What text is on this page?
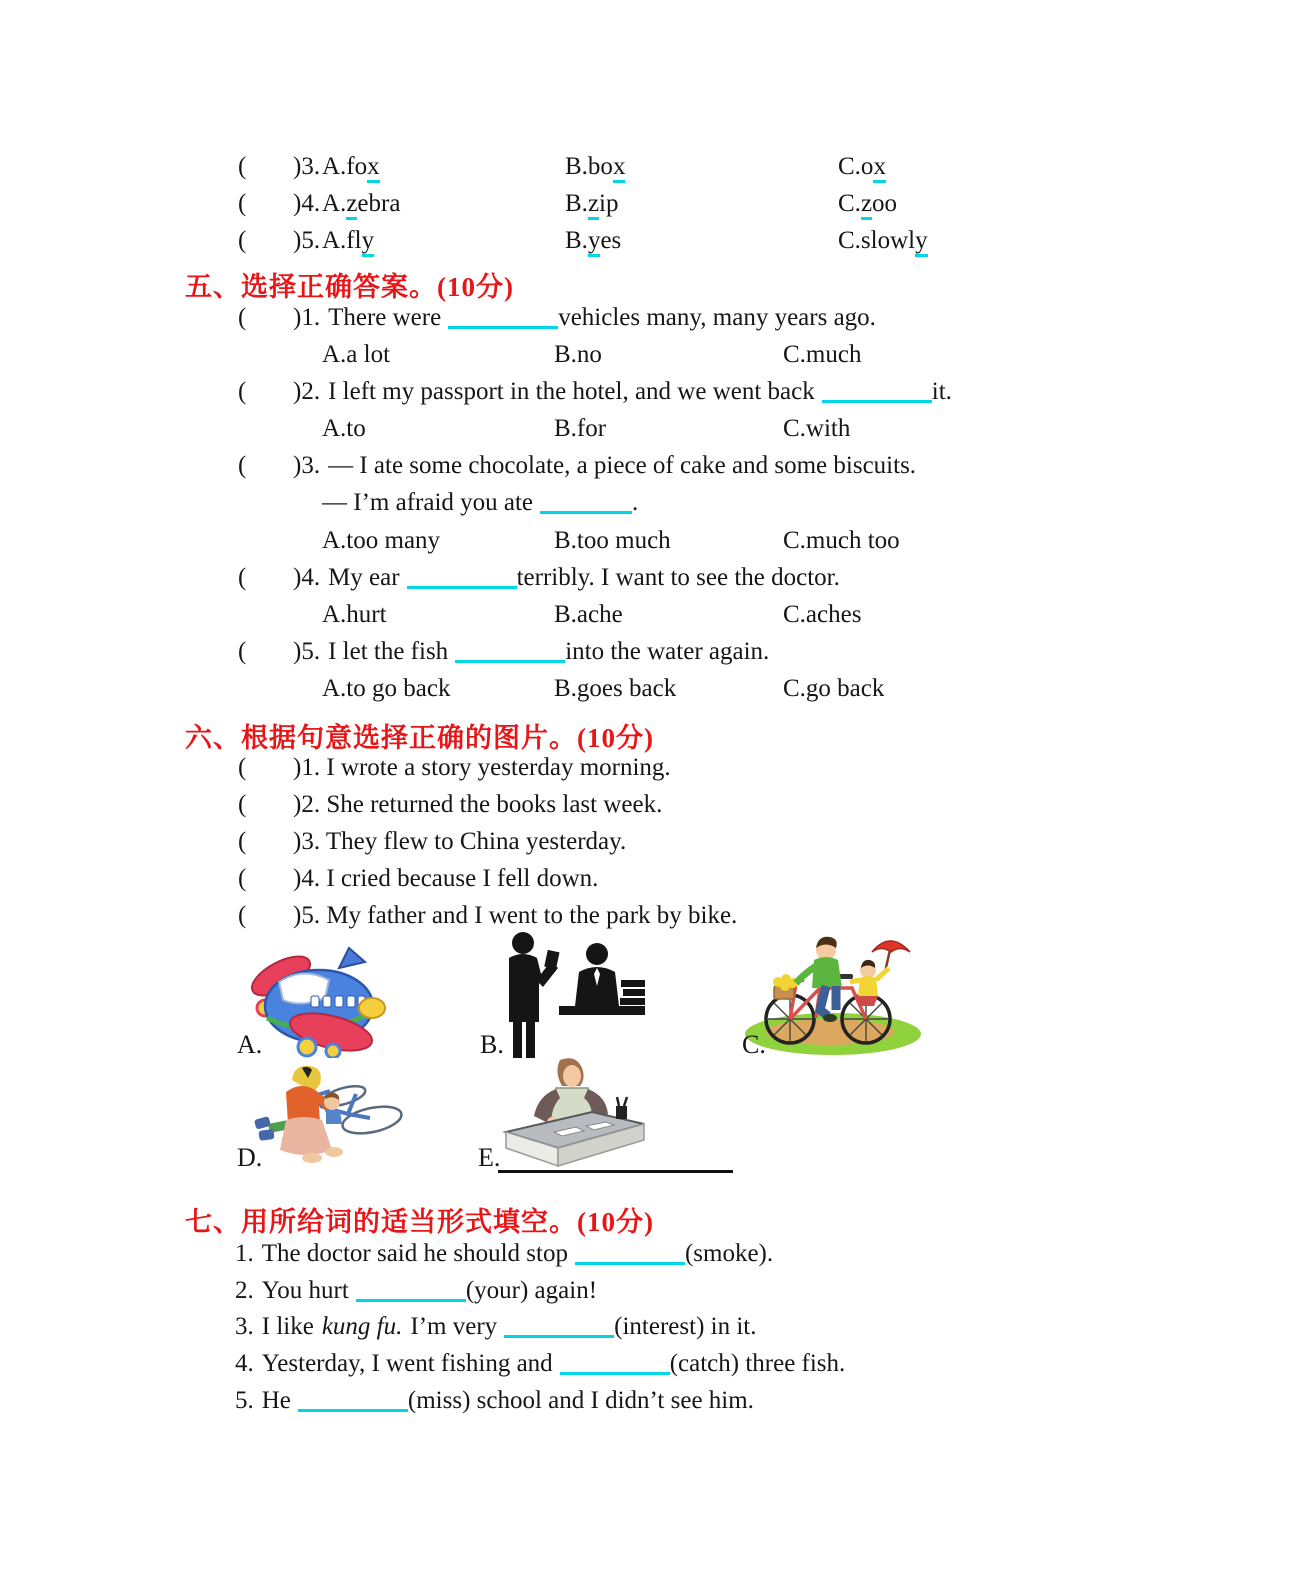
( )3. A.fox	B.box	C.ox
( )4. A.zebra	B.zip	C.zoo
( )5. A.fly	B.yes	C.slowly
五、选择正确答案。(10分)
( )1. There were	vehicles many, many years ago.
A.a lot	B.no	C.much
( )2. I left my passport in the hotel, and we went back	it.
A.to	B.for	C.with
( )3. — I ate some chocolate, a piece of cake and some biscuits.
— I’m afraid you ate	.
A.too many	B.too much	C.much too
( )4. My ear	terribly. I want to see the doctor.
A.hurt	B.ache	C.aches
( )5. I let the fish	into the water again.
A.to go back	B.goes back	C.go back
六、根据句意选择正确的图片。(10分)
( )1. I wrote a story yesterday morning.
( )2. She returned the books last week.
( )3. They flew to China yesterday.
( )4. I cried because I fell down.
( )5. My father and I went to the park by bike.
A.	B.	C.
D.	E.
七、用所给词的适当形式填空。(10分)
1. The doctor said he should stop	(smoke).
2. You hurt	(your) again!
3. I like kung fu. I’m very	(interest) in it.
4. Yesterday, I went fishing and	(catch) three fish.
5. He	(miss) school and I didn’t see him.
